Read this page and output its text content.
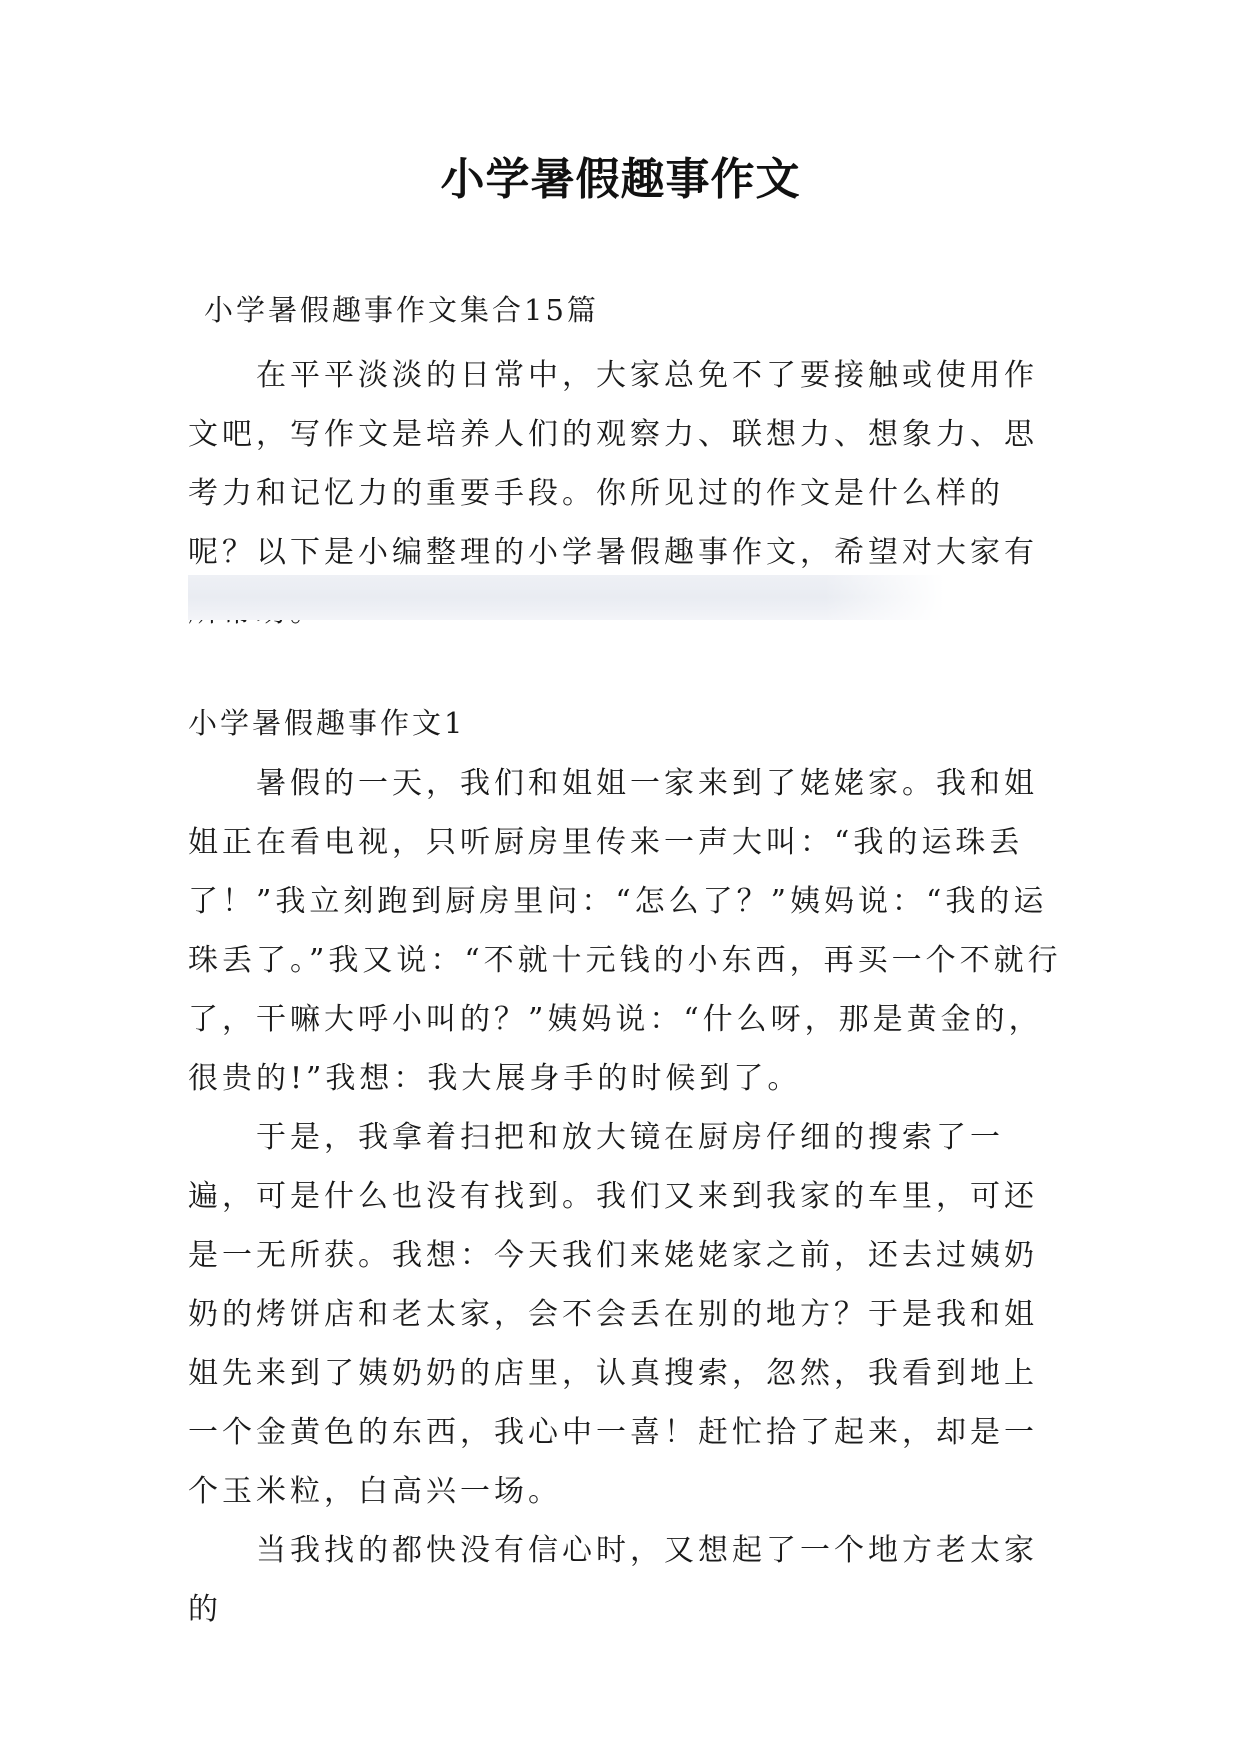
小学暑假趣事作文
小学暑假趣事作文集合15篇

在平平淡淡的日常中，大家总免不了要接触或使用作文吧，写作文是培养人们的观察力、联想力、想象力、思考力和记忆力的重要手段。你所见过的作文是什么样的呢？以下是小编整理的小学暑假趣事作文，希望对大家有

小学暑假趣事作文1

暑假的一天，我们和姐姐一家来到了姥姥家。我和姐姐正在看电视，只听厨房里传来一声大叫：“我的运珠丢了！”我立刻跑到厨房里问：“怎么了？”姨妈说：“我的运珠丢了。”我又说：“不就十元钱的小东西，再买一个不就行了，干嘛大呼小叫的？”姨妈说：“什么呀，那是黄金的，很贵的!”我想：我大展身手的时候到了。

于是，我拿着扫把和放大镜在厨房仔细的搜索了一遍，可是什么也没有找到。我们又来到我家的车里，可还是一无所获。我想：今天我们来姥姥家之前，还去过姨奶奶的烤饼店和老太家，会不会丢在别的地方？于是我和姐姐先来到了姨奶奶的店里，认真搜索，忽然，我看到地上一个金黄色的东西，我心中一喜！赶忙拾了起来，却是一个玉米粒，白高兴一场。

当我找的都快没有信心时，又想起了一个地方老太家的
